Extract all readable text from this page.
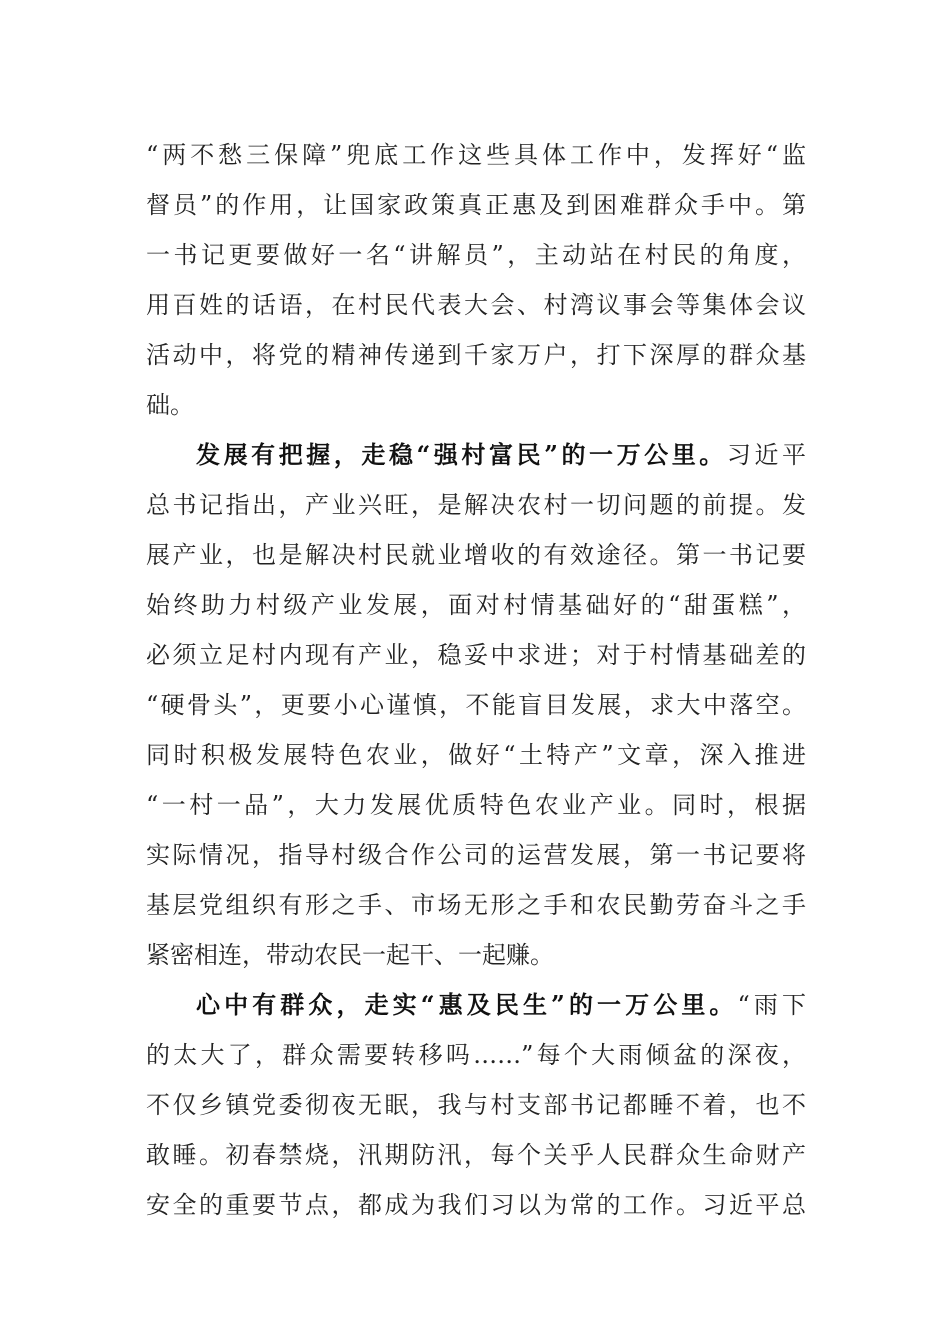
“两不愁三保障”兜底工作这些具体工作中，发挥好“监
督员”的作用，让国家政策真正惠及到困难群众手中。第
一书记更要做好一名“讲解员”，主动站在村民的角度，
用百姓的话语，在村民代表大会、村湾议事会等集体会议
活动中，将党的精神传递到千家万户，打下深厚的群众基
础。
发展有把握，走稳“强村富民”的一万公里。习近平
总书记指出，产业兴旺，是解决农村一切问题的前提。发
展产业，也是解决村民就业增收的有效途径。第一书记要
始终助力村级产业发展，面对村情基础好的“甜蛋糕”，
必须立足村内现有产业，稳妥中求进；对于村情基础差的
“硬骨头”，更要小心谨慎，不能盲目发展，求大中落空。
同时积极发展特色农业，做好“土特产”文章，深入推进
“一村一品”，大力发展优质特色农业产业。同时，根据
实际情况，指导村级合作公司的运营发展，第一书记要将
基层党组织有形之手、市场无形之手和农民勤劳奋斗之手
紧密相连，带动农民一起干、一起赚。
心中有群众，走实“惠及民生”的一万公里。“雨下
的太大了，群众需要转移吗……”每个大雨倾盆的深夜，
不仅乡镇党委彻夜无眠，我与村支部书记都睡不着，也不
敢睡。初春禁烧，汛期防汛，每个关乎人民群众生命财产
安全的重要节点，都成为我们习以为常的工作。习近平总
